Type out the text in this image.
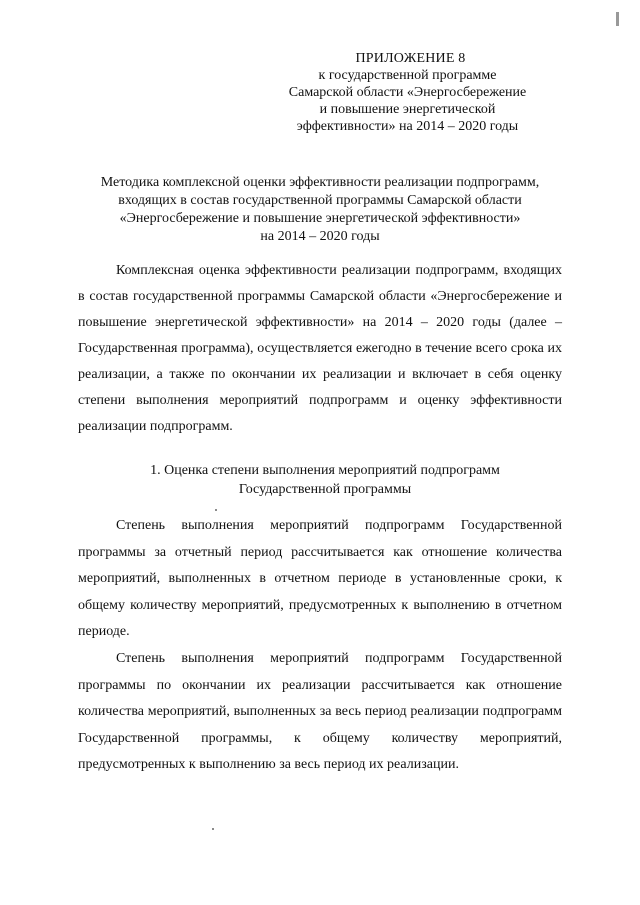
ПРИЛОЖЕНИЕ 8
к государственной программе
Самарской области «Энергосбережение
и повышение энергетической
эффективности» на 2014 – 2020 годы
Методика комплексной оценки эффективности реализации подпрограмм,
входящих в состав государственной программы Самарской области
«Энергосбережение и повышение энергетической эффективности»
на 2014 – 2020 годы

Комплексная оценка эффективности реализации подпрограмм, входящих в состав государственной программы Самарской области «Энергосбережение и повышение энергетической эффективности» на 2014 – 2020 годы (далее – Государственная программа), осуществляется ежегодно в течение всего срока их реализации, а также по окончании их реализации и включает в себя оценку степени выполнения мероприятий подпрограмм и оценку эффективности реализации подпрограмм.

1. Оценка степени выполнения мероприятий подпрограмм
Государственной программы

Степень выполнения мероприятий подпрограмм Государственной программы за отчетный период рассчитывается как отношение количества мероприятий, выполненных в отчетном периоде в установленные сроки, к общему количеству мероприятий, предусмотренных к выполнению в отчетном периоде.

Степень выполнения мероприятий подпрограмм Государственной программы по окончании их реализации рассчитывается как отношение количества мероприятий, выполненных за весь период реализации подпрограмм Государственной программы, к общему количеству мероприятий, предусмотренных к выполнению за весь период их реализации.
